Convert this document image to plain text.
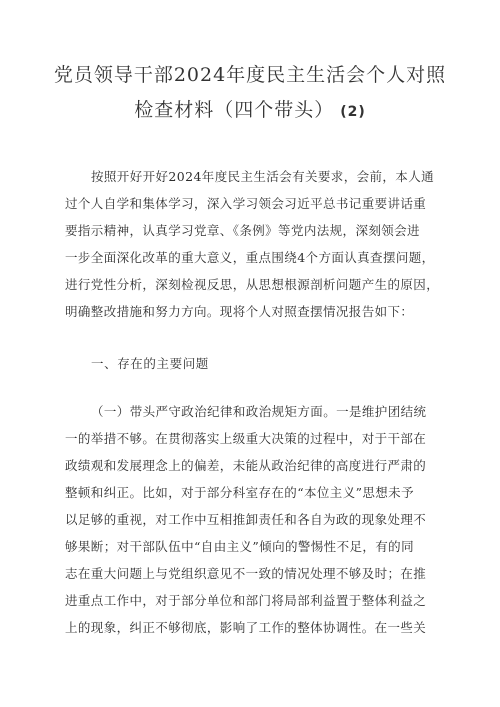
党员领导干部2024年度民主生活会个人对照
检查材料（四个带头） (2)
按照开好开好2024年度民主生活会有关要求，会前，本人通
过个人自学和集体学习，深入学习领会习近平总书记重要讲话重
要指示精神，认真学习党章、《条例》等党内法规，深刻领会进
一步全面深化改革的重大意义，重点围绕4个方面认真查摆问题，
进行党性分析，深刻检视反思，从思想根源剖析问题产生的原因，
明确整改措施和努力方向。现将个人对照查摆情况报告如下：
一、存在的主要问题
（一）带头严守政治纪律和政治规矩方面。一是维护团结统
一的举措不够。在贯彻落实上级重大决策的过程中，对于干部在
政绩观和发展理念上的偏差，未能从政治纪律的高度进行严肃的
整顿和纠正。比如，对于部分科室存在的“本位主义”思想未予
以足够的重视，对工作中互相推卸责任和各自为政的现象处理不
够果断；对干部队伍中“自由主义”倾向的警惕性不足，有的同
志在重大问题上与党组织意见不一致的情况处理不够及时；在推
进重点工作中，对于部分单位和部门将局部利益置于整体利益之
上的现象，纠正不够彻底，影响了工作的整体协调性。在一些关
